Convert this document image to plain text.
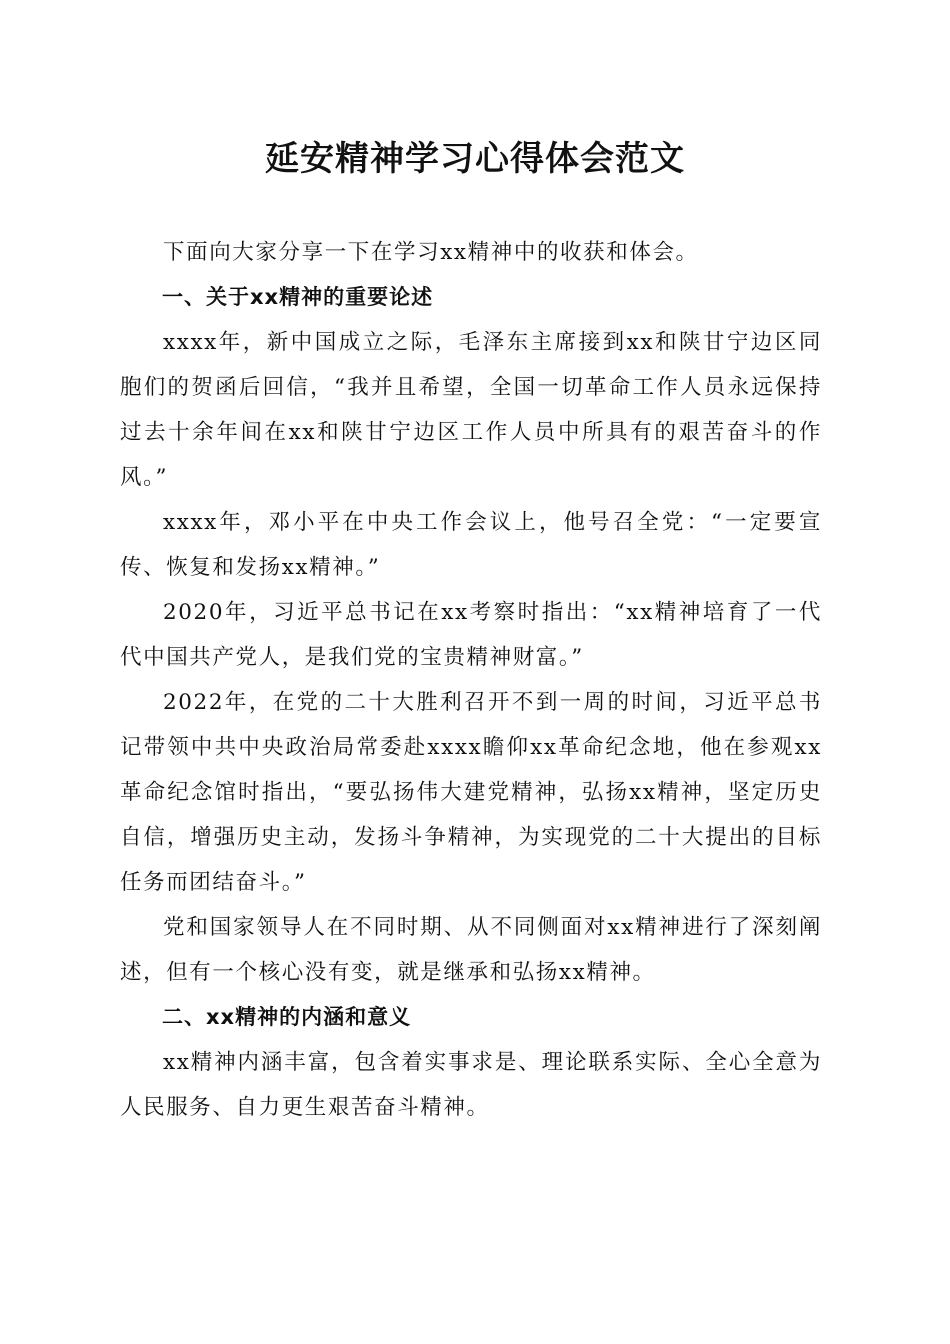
延安精神学习心得体会范文

下面向大家分享一下在学习xx精神中的收获和体会。

一、关于xx精神的重要论述

xxxx年，新中国成立之际，毛泽东主席接到xx和陕甘宁边区同胞们的贺函后回信，“我并且希望，全国一切革命工作人员永远保持过去十余年间在xx和陕甘宁边区工作人员中所具有的艰苦奋斗的作风。”

xxxx年，邓小平在中央工作会议上，他号召全党：“一定要宣传、恢复和发扬xx精神。”

2020年，习近平总书记在xx考察时指出：“xx精神培育了一代代中国共产党人，是我们党的宝贵精神财富。”

2022年，在党的二十大胜利召开不到一周的时间，习近平总书记带领中共中央政治局常委赴xxxx瞻仰xx革命纪念地，他在参观xx革命纪念馆时指出，“要弘扬伟大建党精神，弘扬xx精神，坚定历史自信，增强历史主动，发扬斗争精神，为实现党的二十大提出的目标任务而团结奋斗。”

党和国家领导人在不同时期、从不同侧面对xx精神进行了深刻阐述，但有一个核心没有变，就是继承和弘扬xx精神。

二、xx精神的内涵和意义

xx精神内涵丰富，包含着实事求是、理论联系实际、全心全意为人民服务、自力更生艰苦奋斗精神。
